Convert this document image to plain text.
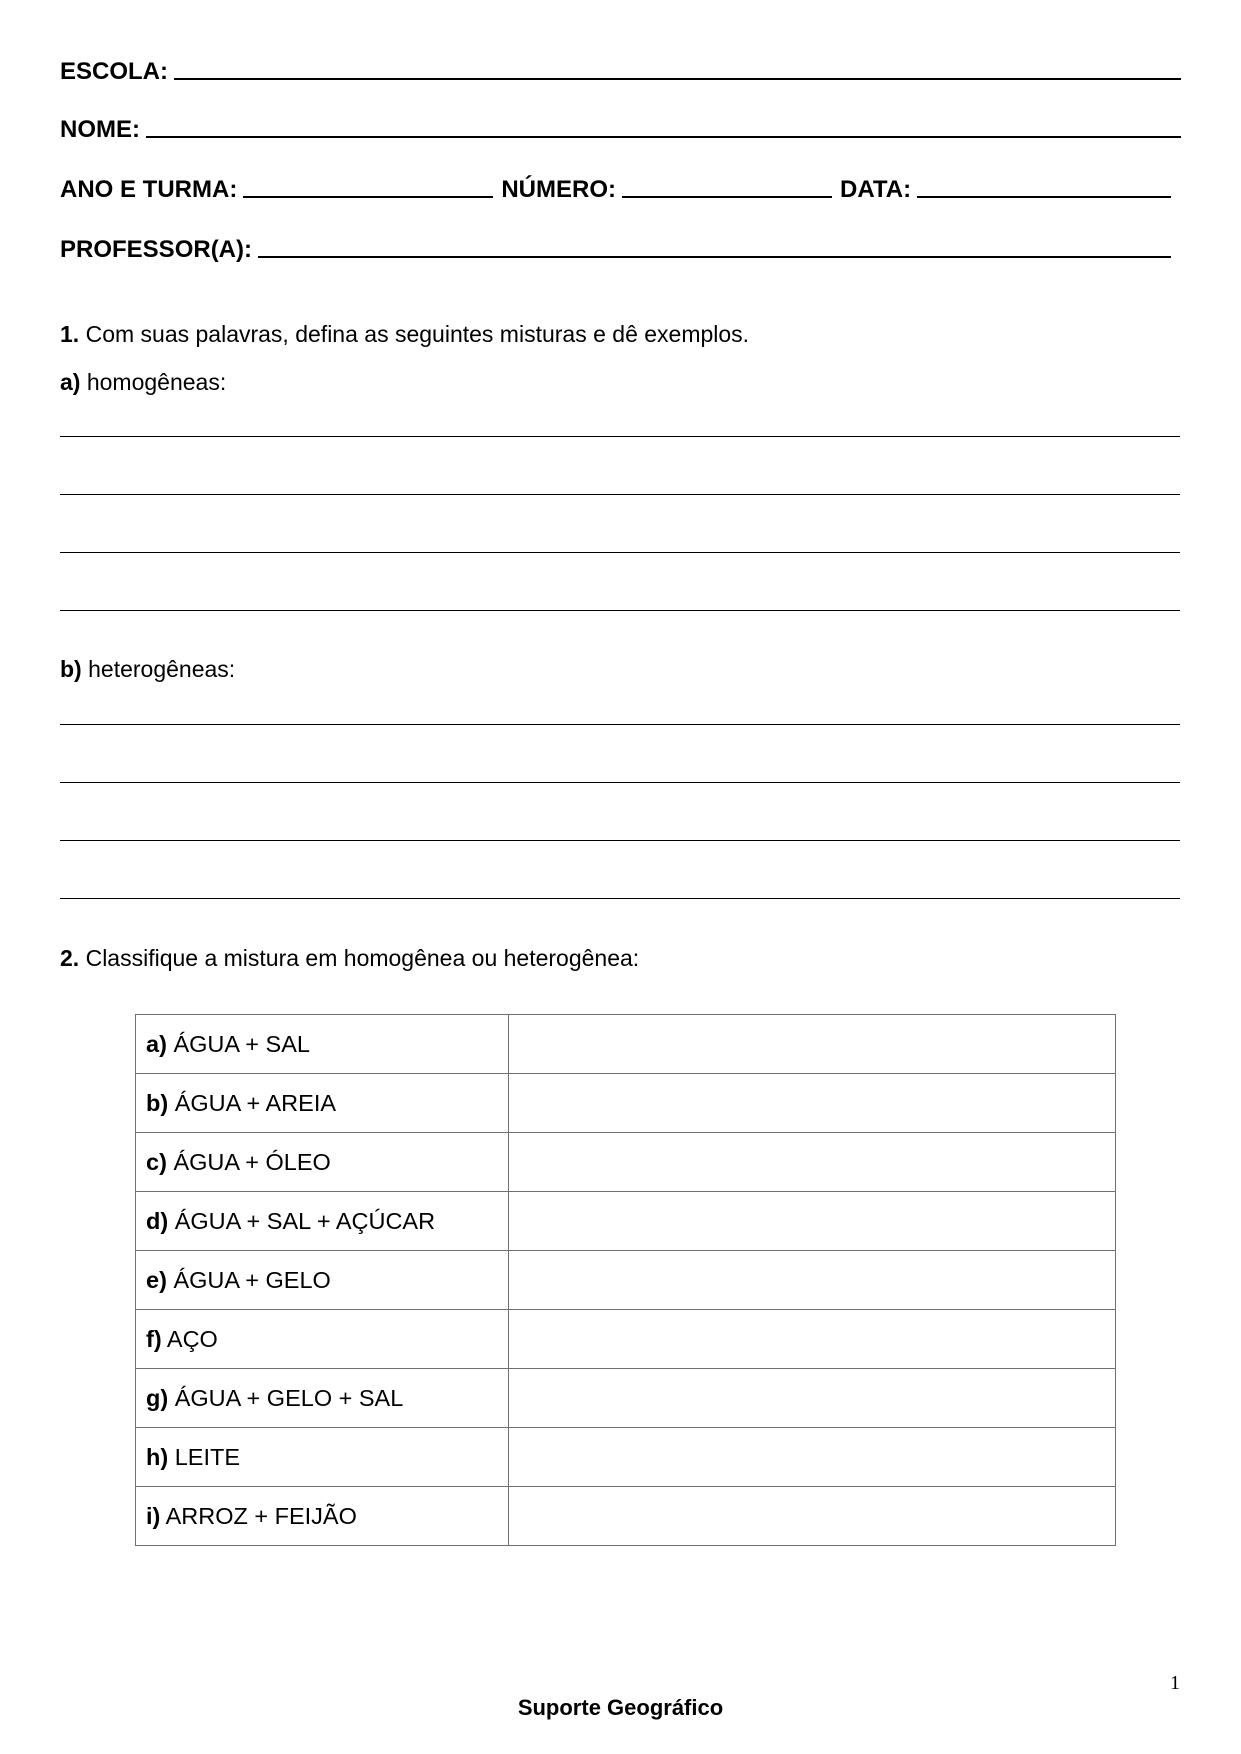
ESCOLA:
NOME:
ANO E TURMA:	NÚMERO:	DATA:
PROFESSOR(A):
1. Com suas palavras, defina as seguintes misturas e dê exemplos.
a) homogêneas:
b) heterogêneas:
2. Classifique a mistura em homogênea ou heterogênea:
a) ÁGUA + SAL	
b) ÁGUA + AREIA	
c) ÁGUA + ÓLEO	
d) ÁGUA + SAL + AÇÚCAR	
e) ÁGUA + GELO	
f) AÇO	
g) ÁGUA + GELO + SAL	
h) LEITE	
i) ARROZ + FEIJÃO	
1
Suporte Geográfico
